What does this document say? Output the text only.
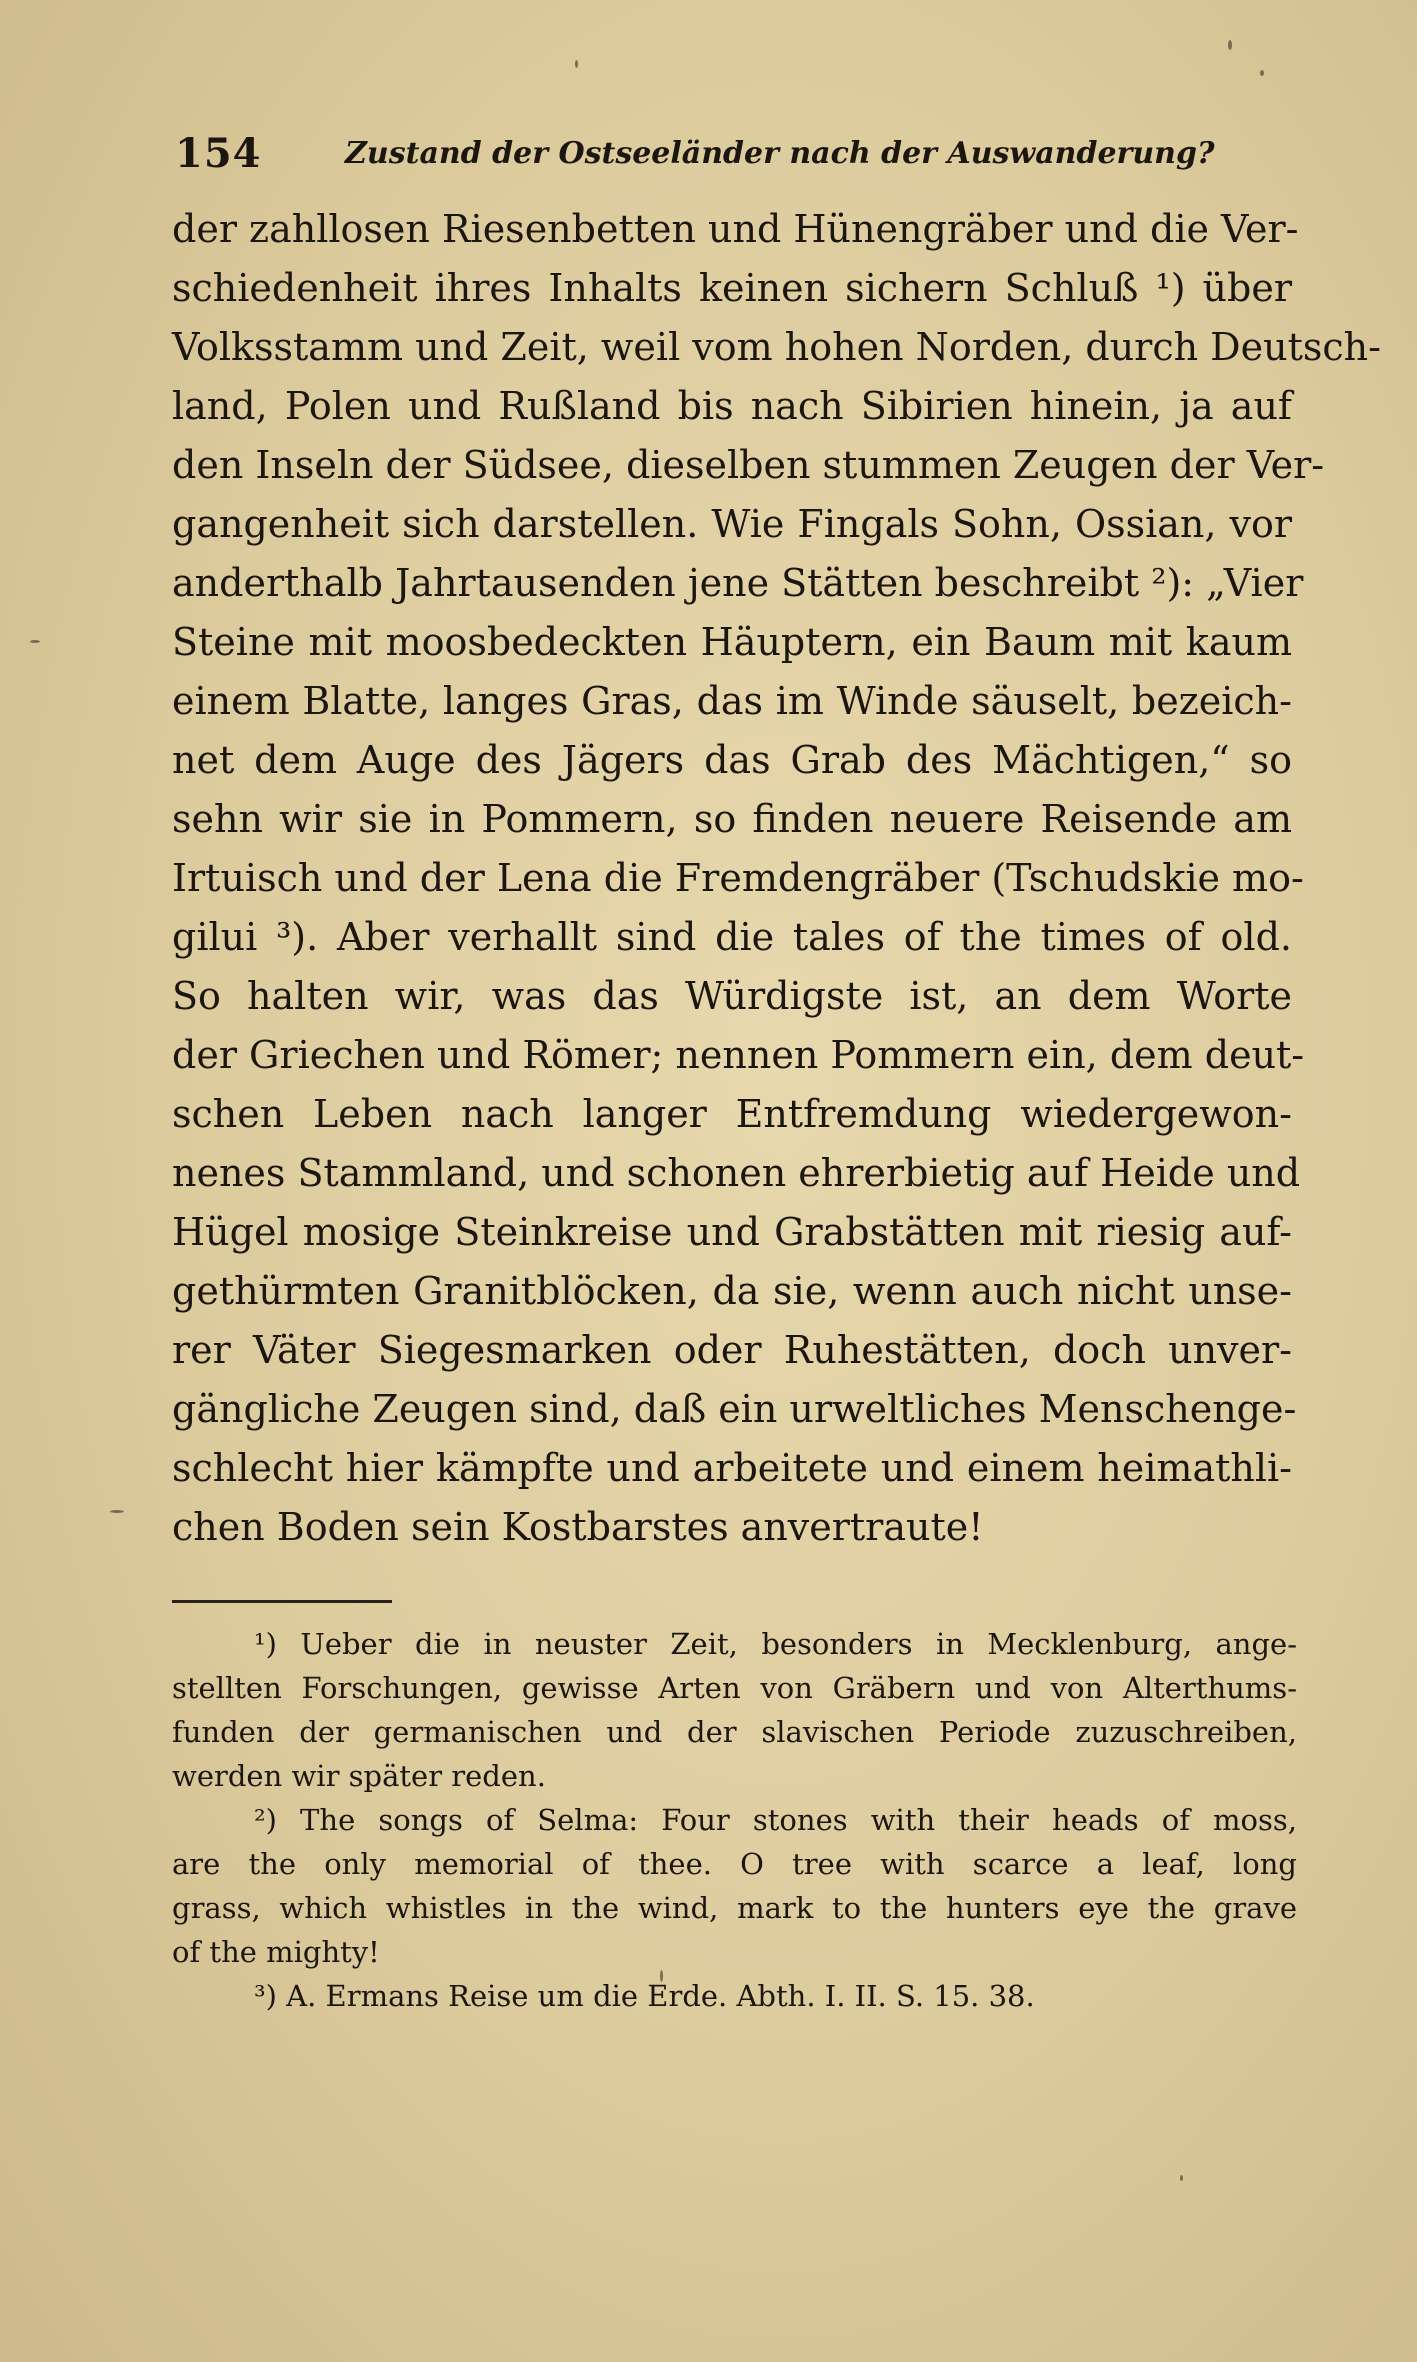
154	Zustand der Ostseeländer nach der Auswanderung?
der zahllosen Riesenbetten und Hünengräber und die Ver-
schiedenheit ihres Inhalts keinen sichern Schluß ¹) über
Volksstamm und Zeit, weil vom hohen Norden, durch Deutsch-
land, Polen und Rußland bis nach Sibirien hinein, ja auf
den Inseln der Südsee, dieselben stummen Zeugen der Ver-
gangenheit sich darstellen. Wie Fingals Sohn, Ossian, vor
anderthalb Jahrtausenden jene Stätten beschreibt ²): „Vier
Steine mit moosbedeckten Häuptern, ein Baum mit kaum
einem Blatte, langes Gras, das im Winde säuselt, bezeich-
net dem Auge des Jägers das Grab des Mächtigen,“ so
sehn wir sie in Pommern, so finden neuere Reisende am
Irtuisch und der Lena die Fremdengräber (Tschudskie mo-
gilui ³). Aber verhallt sind die tales of the times of old.
So halten wir, was das Würdigste ist, an dem Worte
der Griechen und Römer; nennen Pommern ein, dem deut-
schen Leben nach langer Entfremdung wiedergewon-
nenes Stammland, und schonen ehrerbietig auf Heide und
Hügel mosige Steinkreise und Grabstätten mit riesig auf-
gethürmten Granitblöcken, da sie, wenn auch nicht unse-
rer Väter Siegesmarken oder Ruhestätten, doch unver-
gängliche Zeugen sind, daß ein urweltliches Menschenge-
schlecht hier kämpfte und arbeitete und einem heimathli-
chen Boden sein Kostbarstes anvertraute!
¹) Ueber die in neuster Zeit, besonders in Mecklenburg, ange-
stellten Forschungen, gewisse Arten von Gräbern und von Alterthums-
funden der germanischen und der slavischen Periode zuzuschreiben,
werden wir später reden.
²) The songs of Selma: Four stones with their heads of moss,
are the only memorial of thee. O tree with scarce a leaf, long
grass, which whistles in the wind, mark to the hunters eye the grave
of the mighty!
³) A. Ermans Reise um die Erde. Abth. I. II. S. 15. 38.
